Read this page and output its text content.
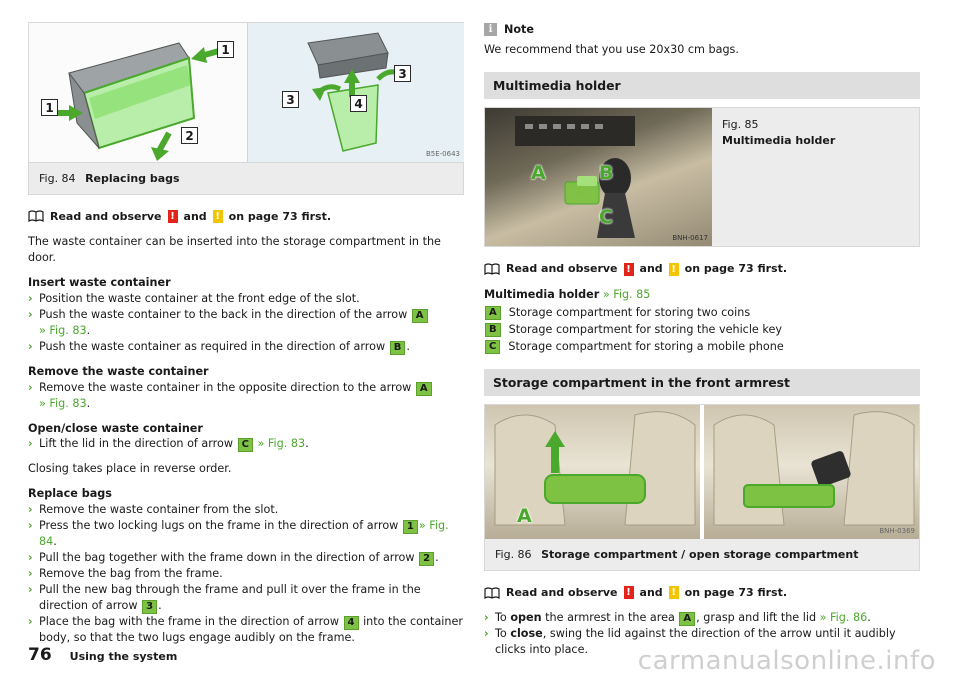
1
1
2
3
3	4
B5E-0643
Fig. 84 Replacing bags
Read and observe ! and ! on page 73 first.

The waste container can be inserted into the storage compartment in the door.

Insert waste container
› Position the waste container at the front edge of the slot.
› Push the waste container to the back in the direction of the arrow A
» Fig. 83.
› Push the waste container as required in the direction of arrow B .
Remove the waste container
› Remove the waste container in the opposite direction to the arrow A
» Fig. 83.
Open/close waste container
› Lift the lid in the direction of arrow C » Fig. 83.

Closing takes place in reverse order.

Replace bags
› Remove the waste container from the slot.
› Press the two locking lugs on the frame in the direction of arrow 1 » Fig. 84.
› Pull the bag together with the frame down in the direction of arrow 2 .
› Remove the bag from the frame.
› Pull the new bag through the frame and pull it over the frame in the direction of arrow 3 .
› Place the bag with the frame in the direction of arrow 4 into the container body, so that the two lugs engage audibly on the frame.
i	Note

We recommend that you use 20x30 cm bags.

Multimedia holder
A	B
C
BNH-0617
Fig. 85
Multimedia holder
Read and observe ! and ! on page 73 first.
Multimedia holder » Fig. 85
A	Storage compartment for storing two coins
B	Storage compartment for storing the vehicle key
C	Storage compartment for storing a mobile phone
Storage compartment in the front armrest
A
BNH-0369
Fig. 86 Storage compartment / open storage compartment
Read and observe ! and ! on page 73 first.
› To open the armrest in the area A , grasp and lift the lid » Fig. 86.
› To close, swing the lid against the direction of the arrow until it audibly clicks into place.
76 Using the system	carmanualsonline.info
